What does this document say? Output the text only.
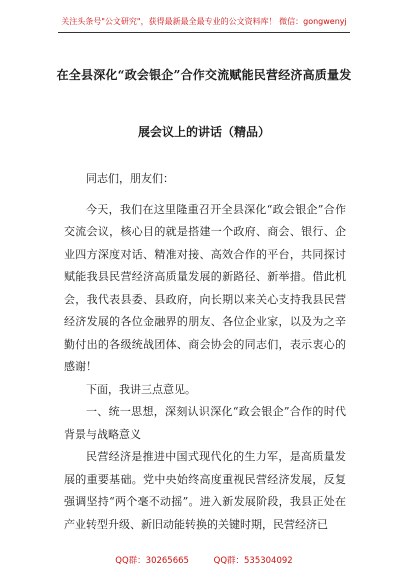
关注头条号"公文研究"，获得最新最全最专业的公文资料库！ 微信：gongwenyj
在全县深化“政会银企”合作交流赋能民营经济高质量发
展会议上的讲话（精品）

同志们，朋友们：

今天，我们在这里隆重召开全县深化“政会银企”合作交流会议，核心目的就是搭建一个政府、商会、银行、企业四方深度对话、精准对接、高效合作的平台，共同探讨赋能我县民营经济高质量发展的新路径、新举措。借此机会，我代表县委、县政府，向长期以来关心支持我县民营经济发展的各位金融界的朋友、各位企业家，以及为之辛勤付出的各级统战团体、商会协会的同志们，表示衷心的感谢！

下面，我讲三点意见。

一、统一思想，深刻认识深化“政会银企”合作的时代背景与战略意义

民营经济是推进中国式现代化的生力军，是高质量发展的重要基础。党中央始终高度重视民营经济发展，反复强调坚持“两个毫不动摇”。进入新发展阶段，我县正处在产业转型升级、新旧动能转换的关键时期，民营经济已

QQ群：30265665	QQ群：535304092
